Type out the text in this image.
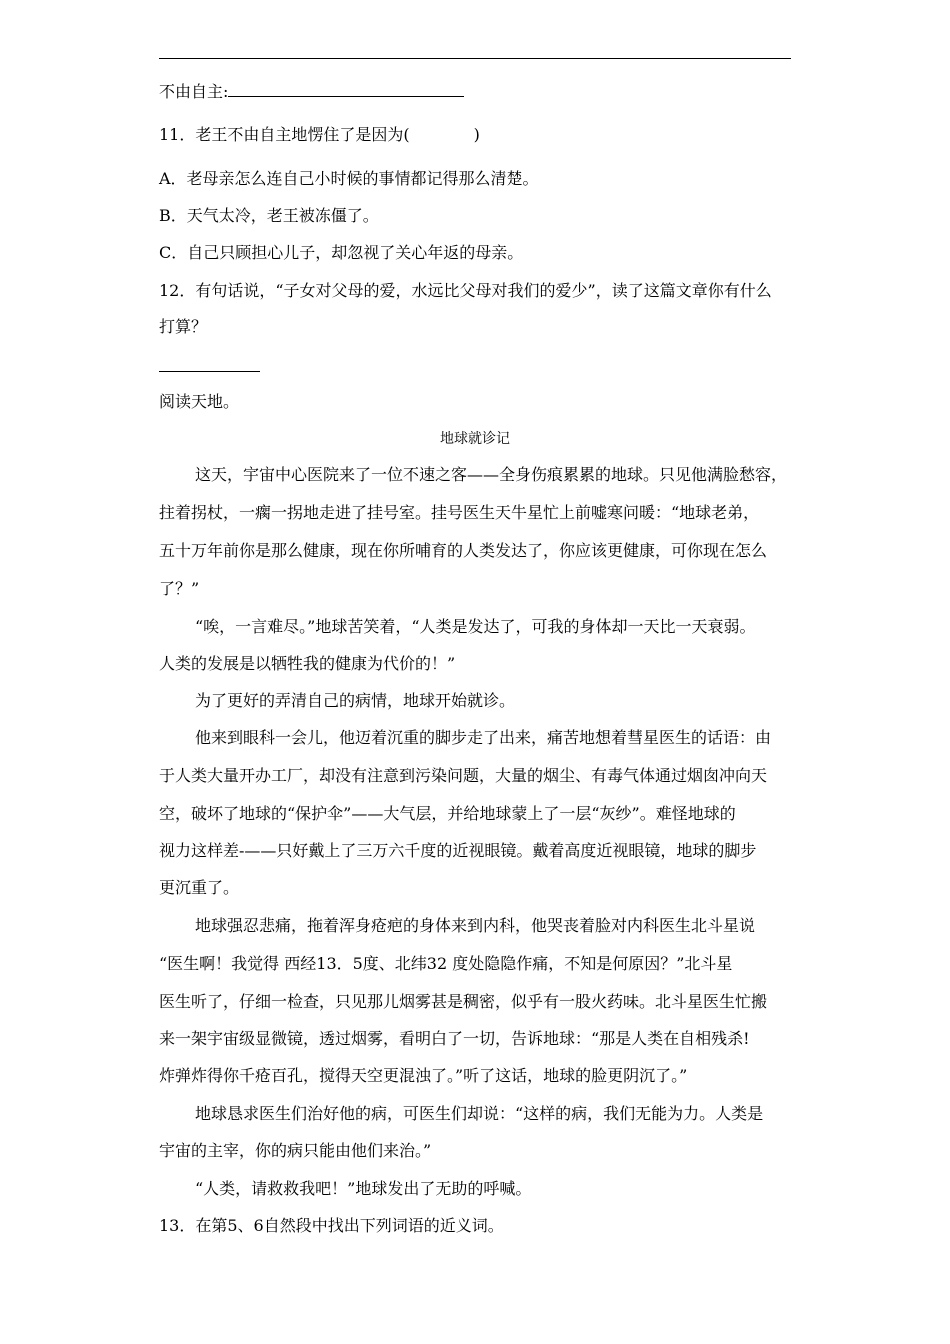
不由自主:
11．老王不由自主地愣住了是因为(	)
A．老母亲怎么连自己小时候的事情都记得那么清楚。
B．天气太冷，老王被冻僵了。
C．自己只顾担心儿子，却忽视了关心年返的母亲。
12．有句话说，“子女对父母的爱，水远比父母对我们的爱少”，读了这篇文章你有什么
打算？
阅读天地。
地球就诊记
这天，宇宙中心医院来了一位不速之客——全身伤痕累累的地球。只见他满脸愁容，
拄着拐杖，一瘸一拐地走进了挂号室。挂号医生天牛星忙上前嘘寒问暖：“地球老弟，
五十万年前你是那么健康，现在你所哺育的人类发达了，你应该更健康，可你现在怎么
了？”
“唉，一言难尽。”地球苦笑着，“人类是发达了，可我的身体却一天比一天衰弱。
人类的发展是以牺牲我的健康为代价的！”
为了更好的弄清自己的病情，地球开始就诊。
他来到眼科一会儿，他迈着沉重的脚步走了出来，痛苦地想着彗星医生的话语：由
于人类大量开办工厂，却没有注意到污染问题，大量的烟尘、有毒气体通过烟囱冲向天
空，破坏了地球的“保护伞”——大气层，并给地球蒙上了一层“灰纱”。难怪地球的
视力这样差-——只好戴上了三万六千度的近视眼镜。戴着高度近视眼镜，地球的脚步
更沉重了。
地球强忍悲痛，拖着浑身疮疤的身体来到内科，他哭丧着脸对内科医生北斗星说
“医生啊！我觉得 西经13．5度、北纬32 度处隐隐作痛，不知是何原因？”北斗星
医生听了，仔细一检查，只见那儿烟雾甚是稠密，似乎有一股火药味。北斗星医生忙搬
来一架宇宙级显微镜，透过烟雾，看明白了一切，告诉地球：“那是人类在自相残杀!
炸弹炸得你千疮百孔，搅得天空更混浊了。”听了这话，地球的脸更阴沉了。”
地球恳求医生们治好他的病，可医生们却说：“这样的病，我们无能为力。人类是
宇宙的主宰，你的病只能由他们来治。”
“人类，请救救我吧！”地球发出了无助的呼喊。
13．在第5、6自然段中找出下列词语的近义词。
